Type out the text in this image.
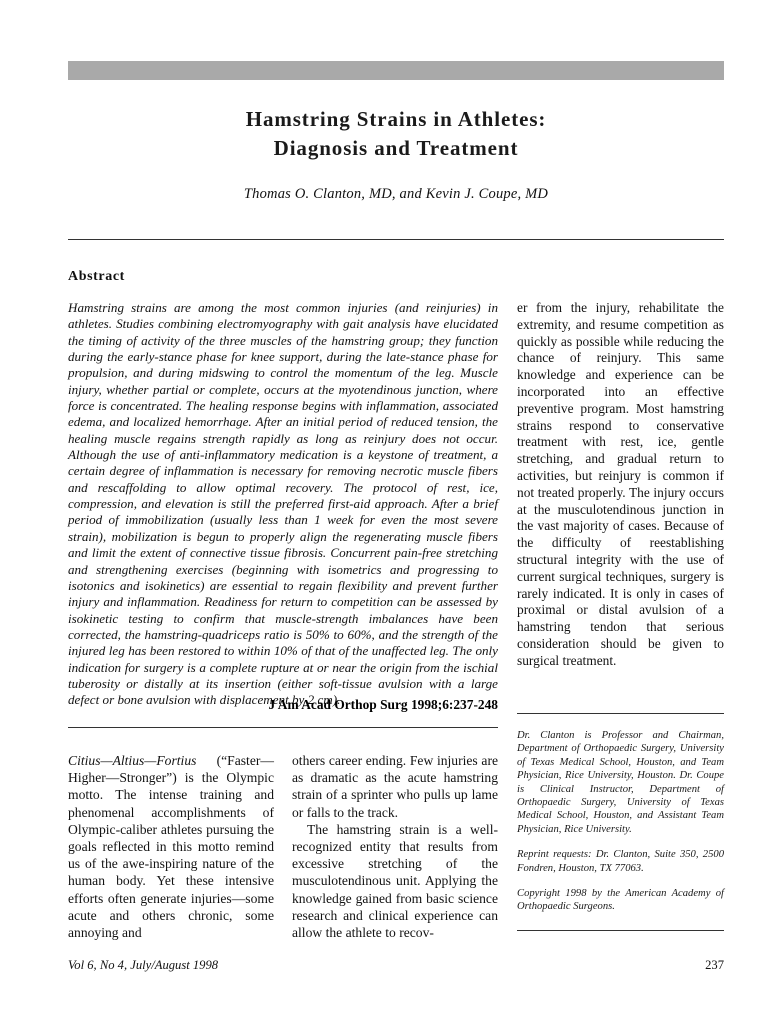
Hamstring Strains in Athletes:
Diagnosis and Treatment
Thomas O. Clanton, MD, and Kevin J. Coupe, MD
Abstract
Hamstring strains are among the most common injuries (and reinjuries) in athletes. Studies combining electromyography with gait analysis have elucidated the timing of activity of the three muscles of the hamstring group; they function during the early-stance phase for knee support, during the late-stance phase for propulsion, and during midswing to control the momentum of the leg. Muscle injury, whether partial or complete, occurs at the myotendinous junction, where force is concentrated. The healing response begins with inflammation, associated edema, and localized hemorrhage. After an initial period of reduced tension, the healing muscle regains strength rapidly as long as reinjury does not occur. Although the use of anti-inflammatory medication is a keystone of treatment, a certain degree of inflammation is necessary for removing necrotic muscle fibers and rescaffolding to allow optimal recovery. The protocol of rest, ice, compression, and elevation is still the preferred first-aid approach. After a brief period of immobilization (usually less than 1 week for even the most severe strain), mobilization is begun to properly align the regenerating muscle fibers and limit the extent of connective tissue fibrosis. Concurrent pain-free stretching and strengthening exercises (beginning with isometrics and progressing to isotonics and isokinetics) are essential to regain flexibility and prevent further injury and inflammation. Readiness for return to competition can be assessed by isokinetic testing to confirm that muscle-strength imbalances have been corrected, the hamstring-quadriceps ratio is 50% to 60%, and the strength of the injured leg has been restored to within 10% of that of the unaffected leg. The only indication for surgery is a complete rupture at or near the origin from the ischial tuberosity or distally at its insertion (either soft-tissue avulsion with a large defect or bone avulsion with displacement by 2 cm).
J Am Acad Orthop Surg 1998;6:237-248
er from the injury, rehabilitate the extremity, and resume competition as quickly as possible while reducing the chance of reinjury. This same knowledge and experience can be incorporated into an effective preventive program. Most hamstring strains respond to conservative treatment with rest, ice, gentle stretching, and gradual return to activities, but reinjury is common if not treated properly. The injury occurs at the musculotendinous junction in the vast majority of cases. Because of the difficulty of reestablishing structural integrity with the use of current surgical techniques, surgery is rarely indicated. It is only in cases of proximal or distal avulsion of a hamstring tendon that serious consideration should be given to surgical treatment.

Dr. Clanton is Professor and Chairman, Department of Orthopaedic Surgery, University of Texas Medical School, Houston, and Team Physician, Rice University, Houston. Dr. Coupe is Clinical Instructor, Department of Orthopaedic Surgery, University of Texas Medical School, Houston, and Assistant Team Physician, Rice University.

Reprint requests: Dr. Clanton, Suite 350, 2500 Fondren, Houston, TX 77063.

Copyright 1998 by the American Academy of Orthopaedic Surgeons.

Citius—Altius—Fortius (“Faster—Higher—Stronger”) is the Olympic motto. The intense training and phenomenal accomplishments of Olympic-caliber athletes pursuing the goals reflected in this motto remind us of the awe-inspiring nature of the human body. Yet these intensive efforts often generate injuries—some acute and others chronic, some annoying and

others career ending. Few injuries are as dramatic as the acute hamstring strain of a sprinter who pulls up lame or falls to the track.

The hamstring strain is a well-recognized entity that results from excessive stretching of the musculotendinous unit. Applying the knowledge gained from basic science research and clinical experience can allow the athlete to recov-

Vol 6, No 4, July/August 1998	237
